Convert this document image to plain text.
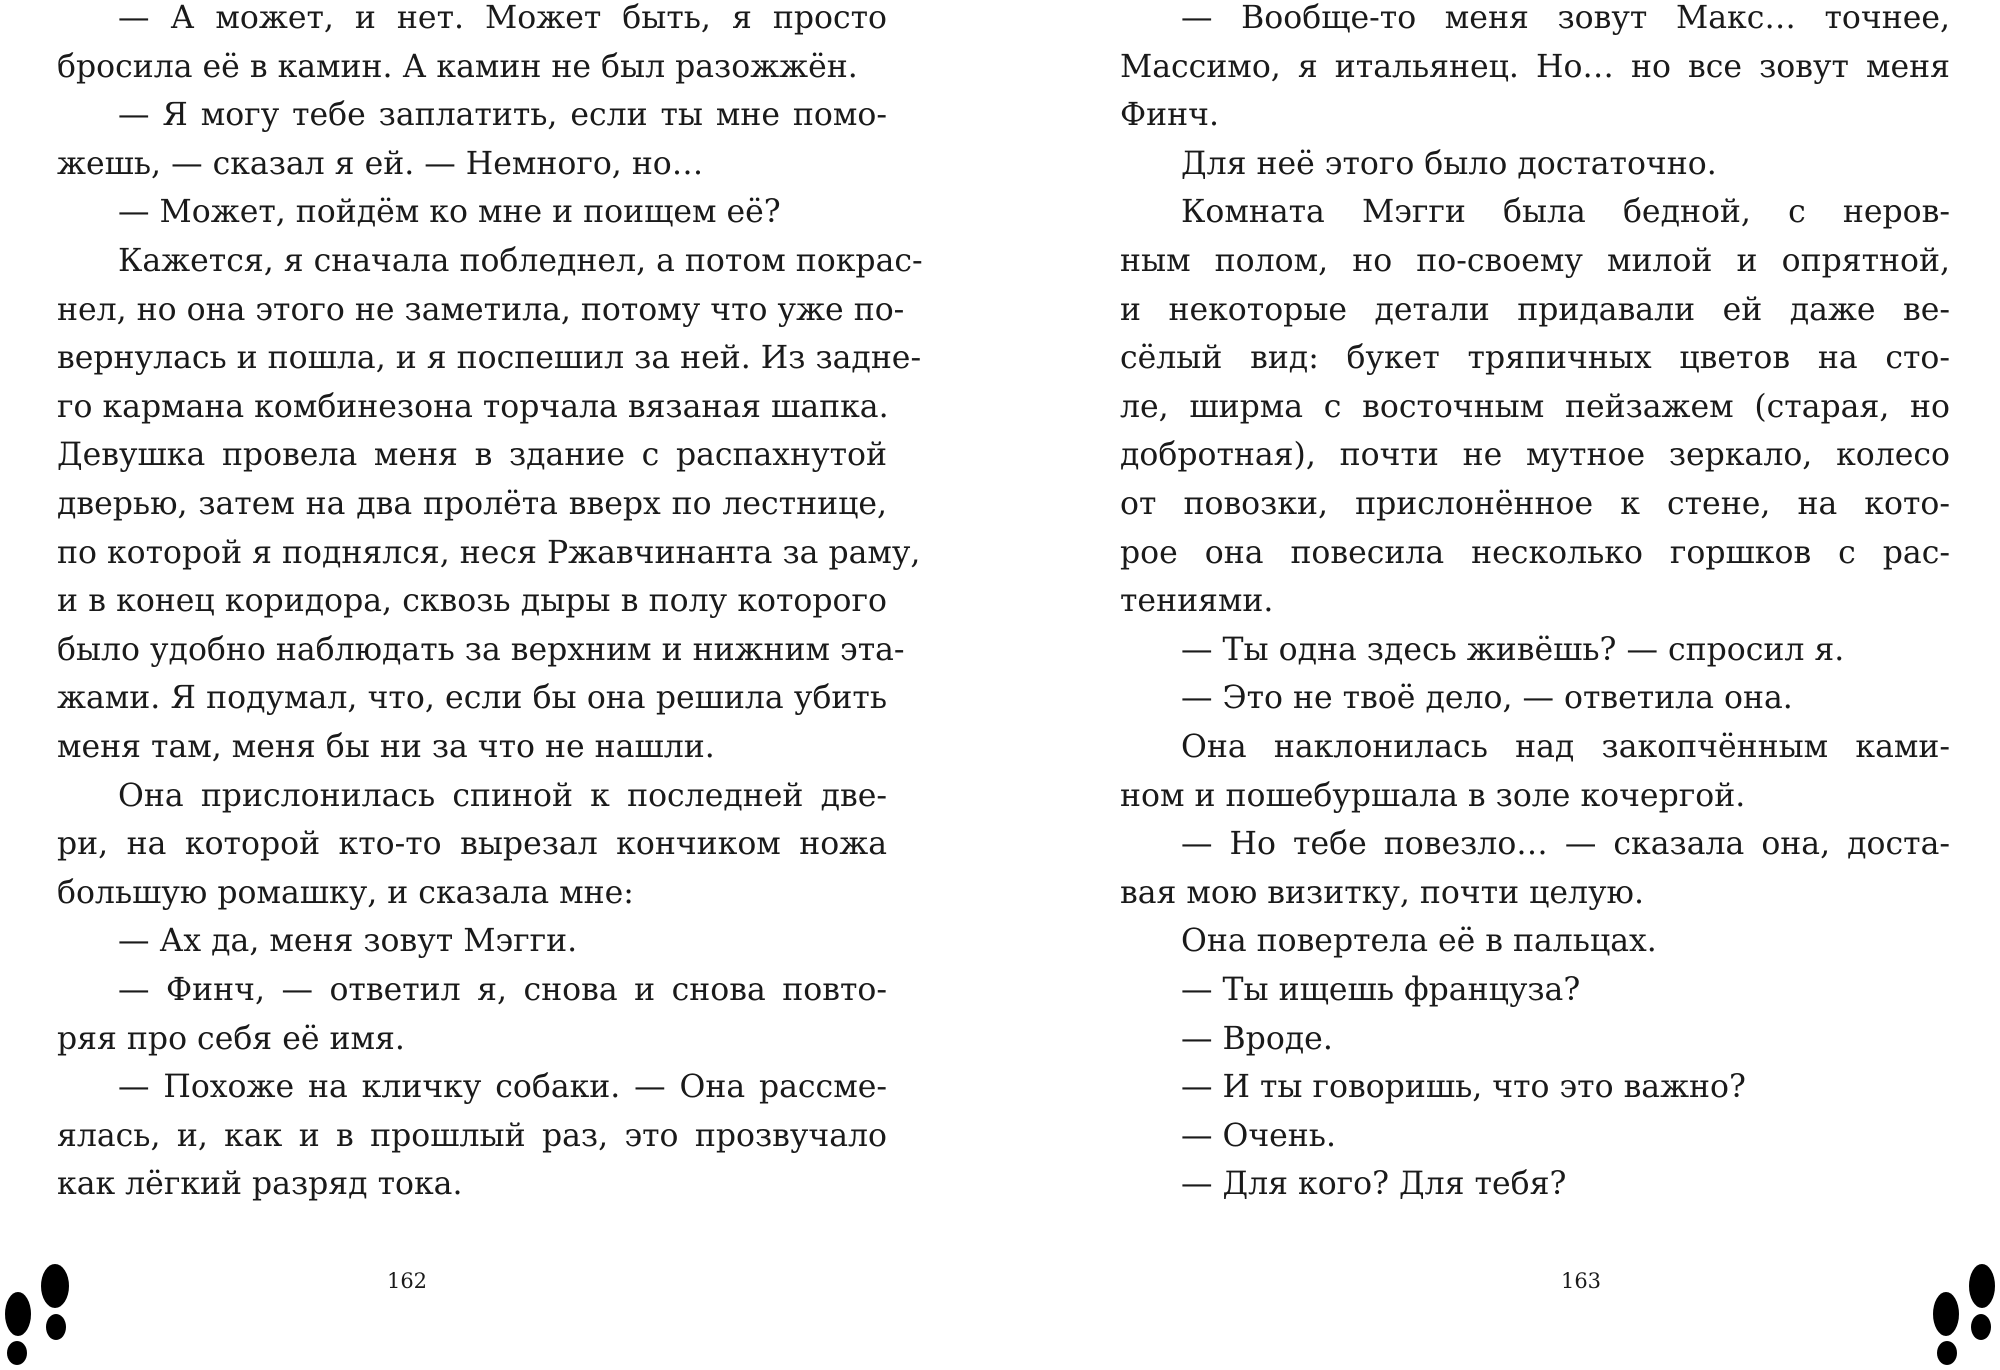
— А может, и нет. Может быть, я просто
бросила её в камин. А камин не был разожжён.
— Я могу тебе заплатить, если ты мне помо-
жешь, — сказал я ей. — Немного, но…
— Может, пойдём ко мне и поищем её?
Кажется, я сначала побледнел, а потом покрас-
нел, но она этого не заметила, потому что уже по-
вернулась и пошла, и я поспешил за ней. Из задне-
го кармана комбинезона торчала вязаная шапка.
Девушка провела меня в здание с распахнутой
дверью, затем на два пролёта вверх по лестнице,
по которой я поднялся, неся Ржавчинанта за раму,
и в конец коридора, сквозь дыры в полу которого
было удобно наблюдать за верхним и нижним эта-
жами. Я подумал, что, если бы она решила убить
меня там, меня бы ни за что не нашли.
Она прислонилась спиной к последней две-
ри, на которой кто-то вырезал кончиком ножа
большую ромашку, и сказала мне:
— Ах да, меня зовут Мэгги.
— Финч, — ответил я, снова и снова повто-
ряя про себя её имя.
— Похоже на кличку собаки. — Она рассме-
ялась, и, как и в прошлый раз, это прозвучало
как лёгкий разряд тока.
— Вообще-то меня зовут Макс… точнее,
Массимо, я итальянец. Но… но все зовут меня
Финч.
Для неё этого было достаточно.
Комната Мэгги была бедной, с неров-
ным полом, но по-своему милой и опрятной,
и некоторые детали придавали ей даже ве-
сёлый вид: букет тряпичных цветов на сто-
ле, ширма с восточным пейзажем (старая, но
добротная), почти не мутное зеркало, колесо
от повозки, прислонённое к стене, на кото-
рое она повесила несколько горшков с рас-
тениями.
— Ты одна здесь живёшь? — спросил я.
— Это не твоё дело, — ответила она.
Она наклонилась над закопчённым ками-
ном и пошебуршала в золе кочергой.
— Но тебе повезло… — сказала она, доста-
вая мою визитку, почти целую.
Она повертела её в пальцах.
— Ты ищешь француза?
— Вроде.
— И ты говоришь, что это важно?
— Очень.
— Для кого? Для тебя?
162	163
